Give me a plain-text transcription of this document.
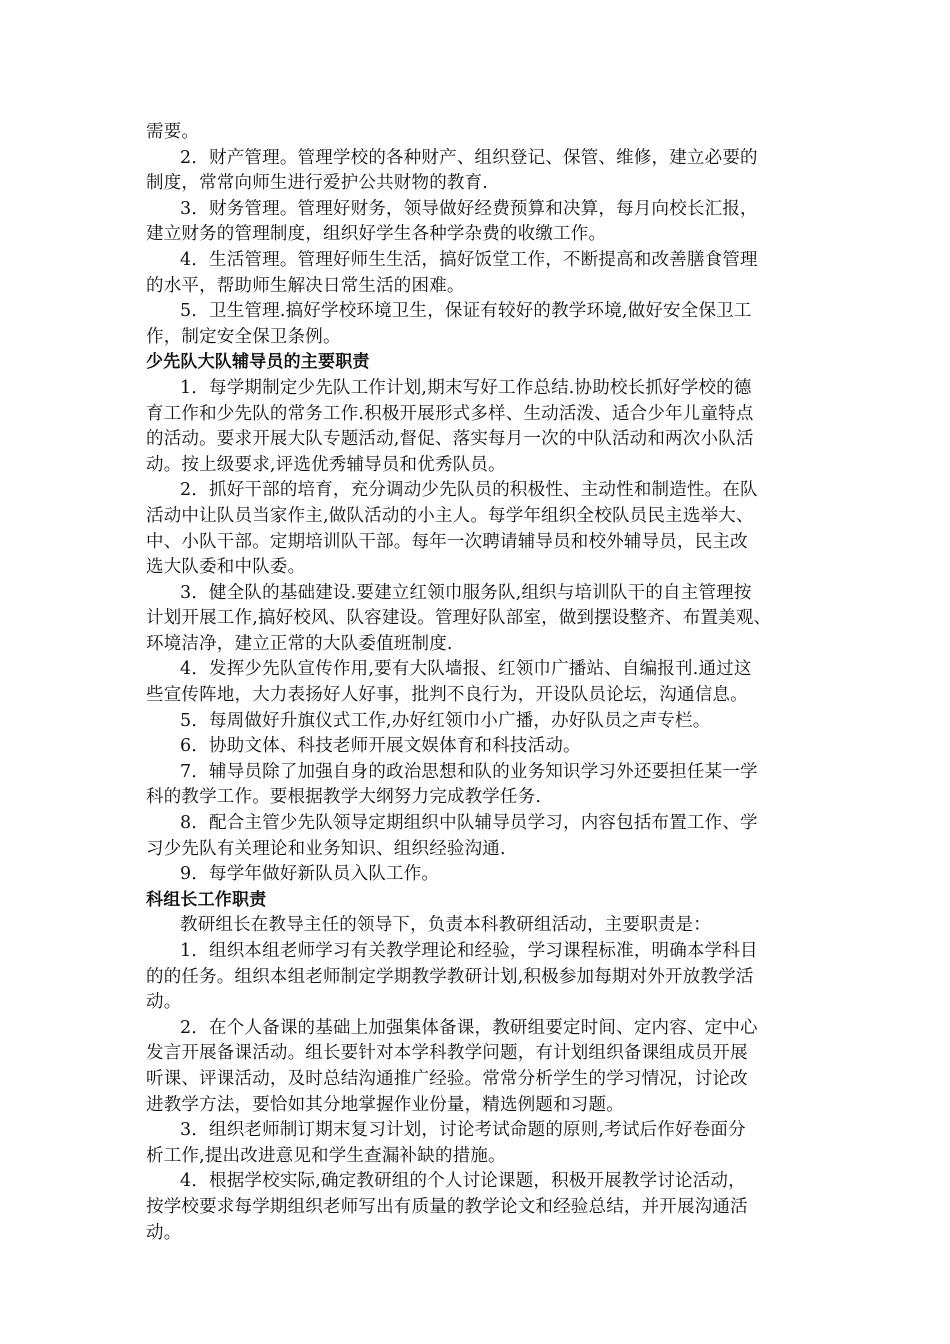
需要。
2．财产管理。管理学校的各种财产、组织登记、保管、维修，建立必要的
制度，常常向师生进行爱护公共财物的教育.
3．财务管理。管理好财务，领导做好经费预算和决算，每月向校长汇报，
建立财务的管理制度，组织好学生各种学杂费的收缴工作。
4．生活管理。管理好师生生活，搞好饭堂工作，不断提高和改善膳食管理
的水平，帮助师生解决日常生活的困难。
5．卫生管理.搞好学校环境卫生，保证有较好的教学环境,做好安全保卫工
作，制定安全保卫条例。
少先队大队辅导员的主要职责
1．每学期制定少先队工作计划,期末写好工作总结.协助校长抓好学校的德
育工作和少先队的常务工作.积极开展形式多样、生动活泼、适合少年儿童特点
的活动。要求开展大队专题活动,督促、落实每月一次的中队活动和两次小队活
动。按上级要求,评选优秀辅导员和优秀队员。
2．抓好干部的培育，充分调动少先队员的积极性、主动性和制造性。在队
活动中让队员当家作主,做队活动的小主人。每学年组织全校队员民主选举大、
中、小队干部。定期培训队干部。每年一次聘请辅导员和校外辅导员，民主改
选大队委和中队委。
3．健全队的基础建设.要建立红领巾服务队,组织与培训队干的自主管理按
计划开展工作,搞好校风、队容建设。管理好队部室，做到摆设整齐、布置美观、
环境洁净，建立正常的大队委值班制度.
4．发挥少先队宣传作用,要有大队墙报、红领巾广播站、自编报刊.通过这
些宣传阵地，大力表扬好人好事，批判不良行为，开设队员论坛，沟通信息。
5．每周做好升旗仪式工作,办好红领巾小广播，办好队员之声专栏。
6．协助文体、科技老师开展文娱体育和科技活动。
7．辅导员除了加强自身的政治思想和队的业务知识学习外还要担任某一学
科的教学工作。要根据教学大纲努力完成教学任务.
8．配合主管少先队领导定期组织中队辅导员学习，内容包括布置工作、学
习少先队有关理论和业务知识、组织经验沟通.
9．每学年做好新队员入队工作。
科组长工作职责
教研组长在教导主任的领导下，负责本科教研组活动，主要职责是：
1．组织本组老师学习有关教学理论和经验，学习课程标准，明确本学科目
的的任务。组织本组老师制定学期教学教研计划,积极参加每期对外开放教学活
动。
2．在个人备课的基础上加强集体备课，教研组要定时间、定内容、定中心
发言开展备课活动。组长要针对本学科教学问题，有计划组织备课组成员开展
听课、评课活动，及时总结沟通推广经验。常常分析学生的学习情况，讨论改
进教学方法，要恰如其分地掌握作业份量，精选例题和习题。
3．组织老师制订期末复习计划，讨论考试命题的原则,考试后作好卷面分
析工作,提出改进意见和学生查漏补缺的措施。
4．根据学校实际,确定教研组的个人讨论课题，积极开展教学讨论活动，
按学校要求每学期组织老师写出有质量的教学论文和经验总结，并开展沟通活
动。
